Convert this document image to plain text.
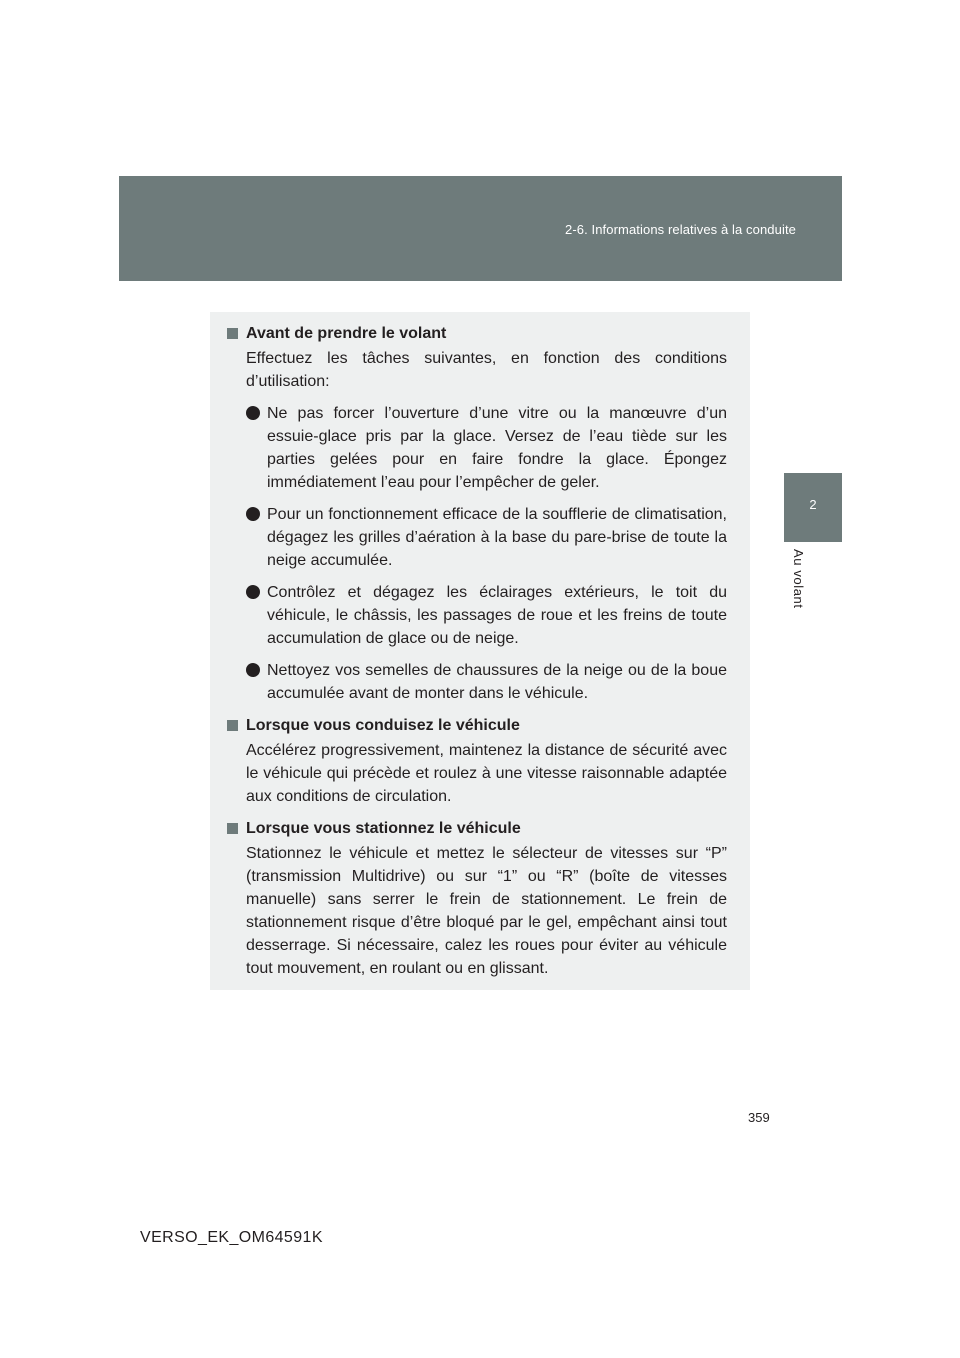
2-6. Informations relatives à la conduite
2
Au volant
Avant de prendre le volant
Effectuez les tâches suivantes, en fonction des conditions d’utilisation:
Ne pas forcer l’ouverture d’une vitre ou la manœuvre d’un essuie-glace pris par la glace. Versez de l’eau tiède sur les parties gelées pour en faire fondre la glace. Épongez immédiatement l’eau pour l’empêcher de geler.
Pour un fonctionnement efficace de la soufflerie de climatisation, dégagez les grilles d’aération à la base du pare-brise de toute la neige accumulée.
Contrôlez et dégagez les éclairages extérieurs, le toit du véhicule, le châssis, les passages de roue et les freins de toute accumulation de glace ou de neige.
Nettoyez vos semelles de chaussures de la neige ou de la boue accumulée avant de monter dans le véhicule.
Lorsque vous conduisez le véhicule
Accélérez progressivement, maintenez la distance de sécurité avec le véhicule qui précède et roulez à une vitesse raisonnable adaptée aux conditions de circulation.
Lorsque vous stationnez le véhicule
Stationnez le véhicule et mettez le sélecteur de vitesses sur “P” (transmission Multidrive) ou sur “1” ou “R” (boîte de vitesses manuelle) sans serrer le frein de stationnement. Le frein de stationnement risque d’être bloqué par le gel, empêchant ainsi tout desserrage. Si nécessaire, calez les roues pour éviter au véhicule tout mouvement, en roulant ou en glissant.
359
VERSO_EK_OM64591K
